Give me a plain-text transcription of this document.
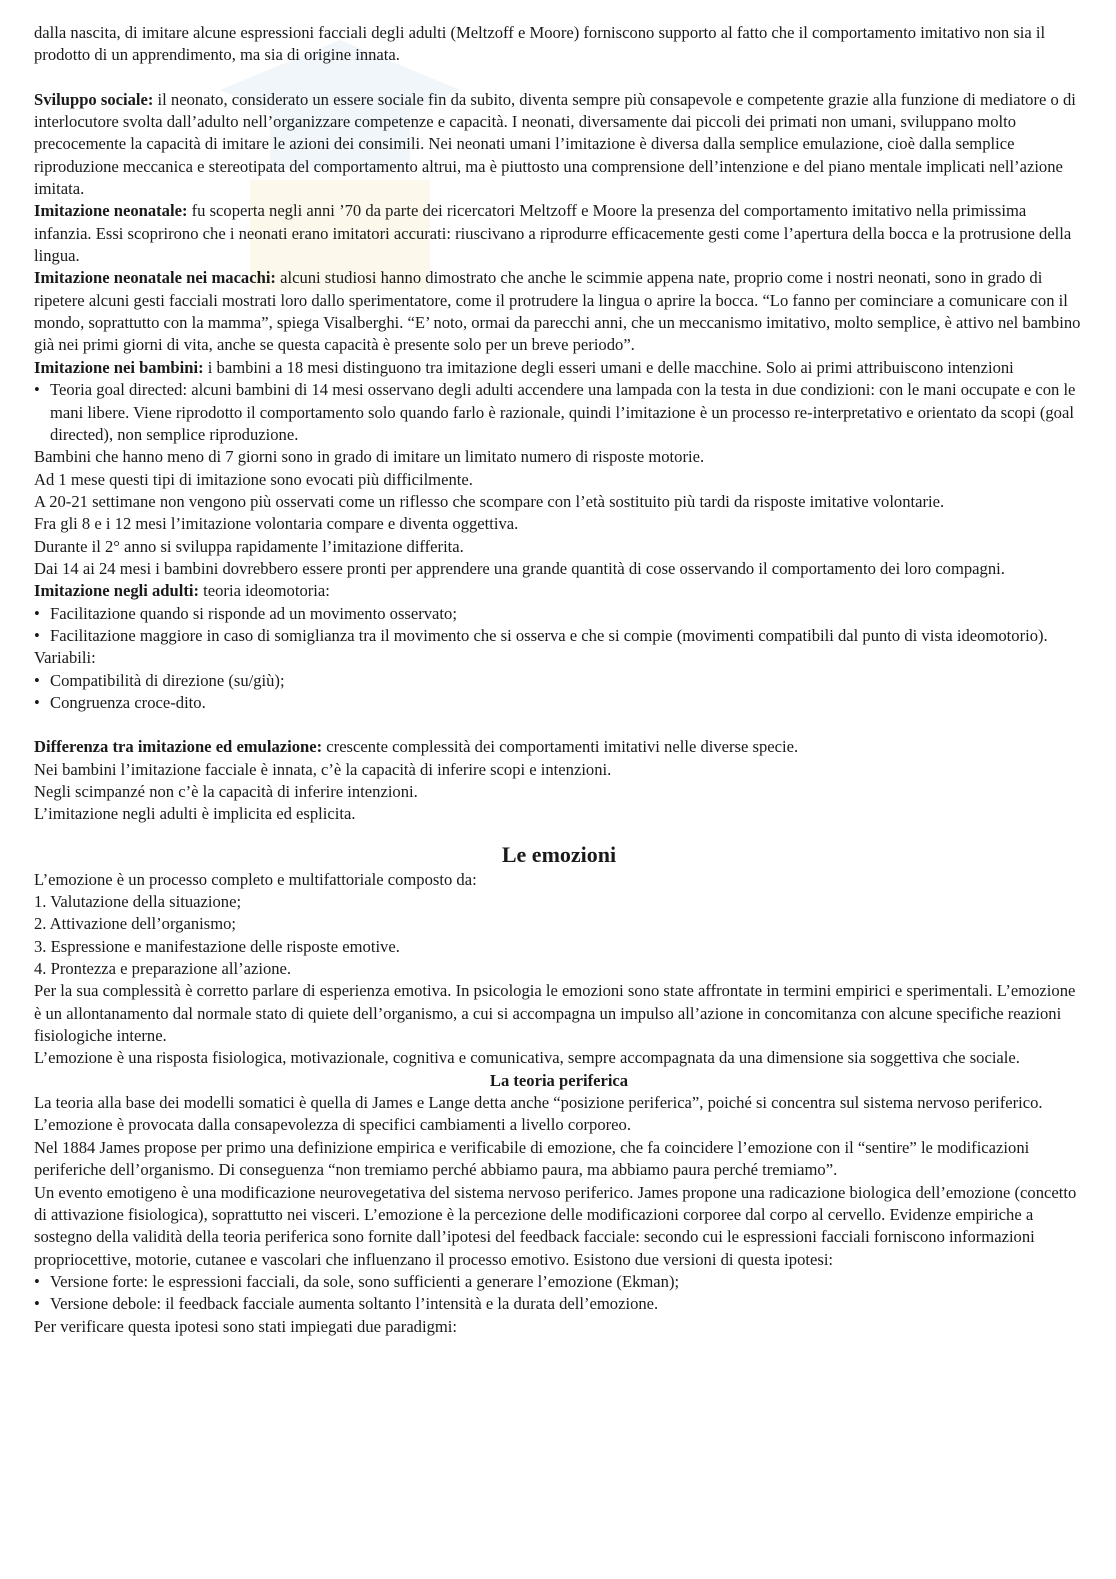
dalla nascita, di imitare alcune espressioni facciali degli adulti (Meltzoff e Moore) forniscono supporto al fatto che il comportamento imitativo non sia il prodotto di un apprendimento, ma sia di origine innata.

Sviluppo sociale: il neonato, considerato un essere sociale fin da subito, diventa sempre più consapevole e competente grazie alla funzione di mediatore o di interlocutore svolta dall’adulto nell’organizzare competenze e capacità. I neonati, diversamente dai piccoli dei primati non umani, sviluppano molto precocemente la capacità di imitare le azioni dei consimili. Nei neonati umani l’imitazione è diversa dalla semplice emulazione, cioè dalla semplice riproduzione meccanica e stereotipata del comportamento altrui, ma è piuttosto una comprensione dell’intenzione e del piano mentale implicati nell’azione imitata.

Imitazione neonatale: fu scoperta negli anni ’70 da parte dei ricercatori Meltzoff e Moore la presenza del comportamento imitativo nella primissima infanzia. Essi scoprirono che i neonati erano imitatori accurati: riuscivano a riprodurre efficacemente gesti come l’apertura della bocca e la protrusione della lingua.

Imitazione neonatale nei macachi: alcuni studiosi hanno dimostrato che anche le scimmie appena nate, proprio come i nostri neonati, sono in grado di ripetere alcuni gesti facciali mostrati loro dallo sperimentatore, come il protrudere la lingua o aprire la bocca. “Lo fanno per cominciare a comunicare con il mondo, soprattutto con la mamma”, spiega Visalberghi. “E’ noto, ormai da parecchi anni, che un meccanismo imitativo, molto semplice, è attivo nel bambino già nei primi giorni di vita, anche se questa capacità è presente solo per un breve periodo”.

Imitazione nei bambini: i bambini a 18 mesi distinguono tra imitazione degli esseri umani e delle macchine. Solo ai primi attribuiscono intenzioni

• Teoria goal directed: alcuni bambini di 14 mesi osservano degli adulti accendere una lampada con la testa in due condizioni: con le mani occupate e con le mani libere. Viene riprodotto il comportamento solo quando farlo è razionale, quindi l’imitazione è un processo re-interpretativo e orientato da scopi (goal directed), non semplice riproduzione.

Bambini che hanno meno di 7 giorni sono in grado di imitare un limitato numero di risposte motorie.

Ad 1 mese questi tipi di imitazione sono evocati più difficilmente.

A 20-21 settimane non vengono più osservati come un riflesso che scompare con l’età sostituito più tardi da risposte imitative volontarie.

Fra gli 8 e i 12 mesi l’imitazione volontaria compare e diventa oggettiva.

Durante il 2° anno si sviluppa rapidamente l’imitazione differita.

Dai 14 ai 24 mesi i bambini dovrebbero essere pronti per apprendere una grande quantità di cose osservando il comportamento dei loro compagni.

Imitazione negli adulti: teoria ideomotoria:

• Facilitazione quando si risponde ad un movimento osservato;

• Facilitazione maggiore in caso di somiglianza tra il movimento che si osserva e che si compie (movimenti compatibili dal punto di vista ideomotorio).

Variabili:

• Compatibilità di direzione (su/giù);

• Congruenza croce-dito.

Differenza tra imitazione ed emulazione: crescente complessità dei comportamenti imitativi nelle diverse specie.

Nei bambini l’imitazione facciale è innata, c’è la capacità di inferire scopi e intenzioni.

Negli scimpanzé non c’è la capacità di inferire intenzioni.

L’imitazione negli adulti è implicita ed esplicita.

Le emozioni

L’emozione è un processo completo e multifattoriale composto da:

1. Valutazione della situazione;

2. Attivazione dell’organismo;

3. Espressione e manifestazione delle risposte emotive.

4. Prontezza e preparazione all’azione.

Per la sua complessità è corretto parlare di esperienza emotiva. In psicologia le emozioni sono state affrontate in termini empirici e sperimentali. L’emozione è un allontanamento dal normale stato di quiete dell’organismo, a cui si accompagna un impulso all’azione in concomitanza con alcune specifiche reazioni fisiologiche interne.

L’emozione è una risposta fisiologica, motivazionale, cognitiva e comunicativa, sempre accompagnata da una dimensione sia soggettiva che sociale.

La teoria periferica

La teoria alla base dei modelli somatici è quella di James e Lange detta anche “posizione periferica”, poiché si concentra sul sistema nervoso periferico. L’emozione è provocata dalla consapevolezza di specifici cambiamenti a livello corporeo.

Nel 1884 James propose per primo una definizione empirica e verificabile di emozione, che fa coincidere l’emozione con il “sentire” le modificazioni periferiche dell’organismo. Di conseguenza “non tremiamo perché abbiamo paura, ma abbiamo paura perché tremiamo”.

Un evento emotigeno è una modificazione neurovegetativa del sistema nervoso periferico. James propone una radicazione biologica dell’emozione (concetto di attivazione fisiologica), soprattutto nei visceri. L’emozione è la percezione delle modificazioni corporee dal corpo al cervello. Evidenze empiriche a sostegno della validità della teoria periferica sono fornite dall’ipotesi del feedback facciale: secondo cui le espressioni facciali forniscono informazioni propriocettive, motorie, cutanee e vascolari che influenzano il processo emotivo. Esistono due versioni di questa ipotesi:

• Versione forte: le espressioni facciali, da sole, sono sufficienti a generare l’emozione (Ekman);

• Versione debole: il feedback facciale aumenta soltanto l’intensità e la durata dell’emozione.

Per verificare questa ipotesi sono stati impiegati due paradigmi:
